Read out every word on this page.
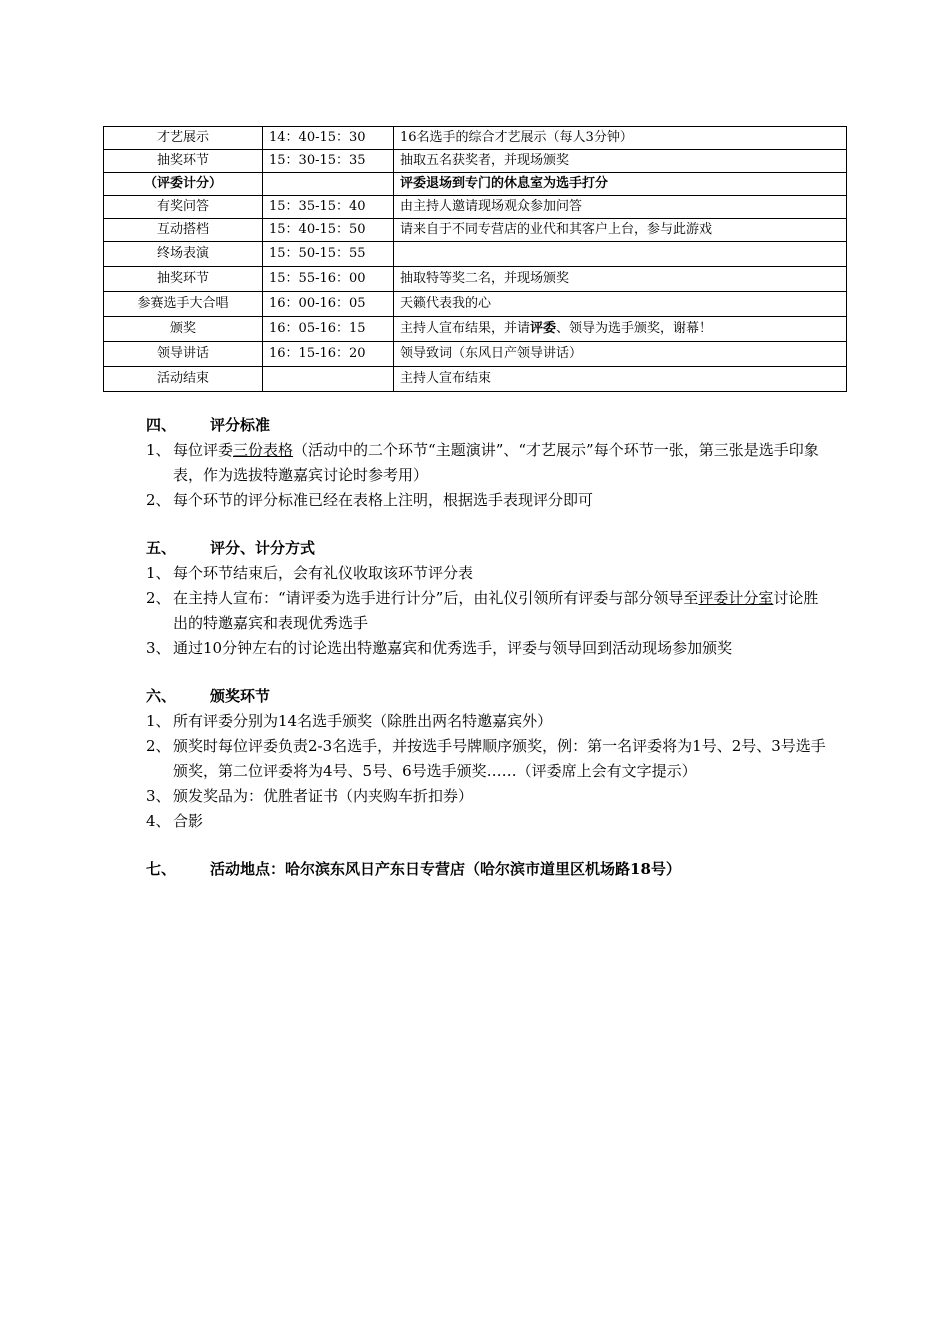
才艺展示	14：40-15：30	16名选手的综合才艺展示（每人3分钟）
抽奖环节	15：30-15：35	抽取五名获奖者，并现场颁奖
（评委计分）		评委退场到专门的休息室为选手打分
有奖问答	15：35-15：40	由主持人邀请现场观众参加问答
互动搭档	15：40-15：50	请来自于不同专营店的业代和其客户上台，参与此游戏
终场表演	15：50-15：55	
抽奖环节	15：55-16：00	抽取特等奖二名，并现场颁奖
参赛选手大合唱	16：00-16：05	天籁代表我的心
颁奖	16：05-16：15	主持人宣布结果，并请评委、领导为选手颁奖，谢幕！
领导讲话	16：15-16：20	领导致词（东风日产领导讲话）
活动结束		主持人宣布结束
四、 评分标准
1、 每位评委三份表格（活动中的二个环节“主题演讲”、“才艺展示”每个环节一张，第三张是选手印象表，作为选拔特邀嘉宾讨论时参考用）
2、 每个环节的评分标准已经在表格上注明，根据选手表现评分即可
五、 评分、计分方式
1、 每个环节结束后，会有礼仪收取该环节评分表
2、 在主持人宣布：“请评委为选手进行计分”后，由礼仪引领所有评委与部分领导至评委计分室讨论胜出的特邀嘉宾和表现优秀选手
3、 通过10分钟左右的讨论选出特邀嘉宾和优秀选手，评委与领导回到活动现场参加颁奖
六、 颁奖环节
1、 所有评委分别为14名选手颁奖（除胜出两名特邀嘉宾外）
2、 颁奖时每位评委负责2-3名选手，并按选手号牌顺序颁奖，例：第一名评委将为1号、2号、3号选手颁奖，第二位评委将为4号、5号、6号选手颁奖……（评委席上会有文字提示）
3、 颁发奖品为：优胜者证书（内夹购车折扣券）
4、 合影
七、 活动地点：哈尔滨东风日产东日专营店（哈尔滨市道里区机场路18号）
